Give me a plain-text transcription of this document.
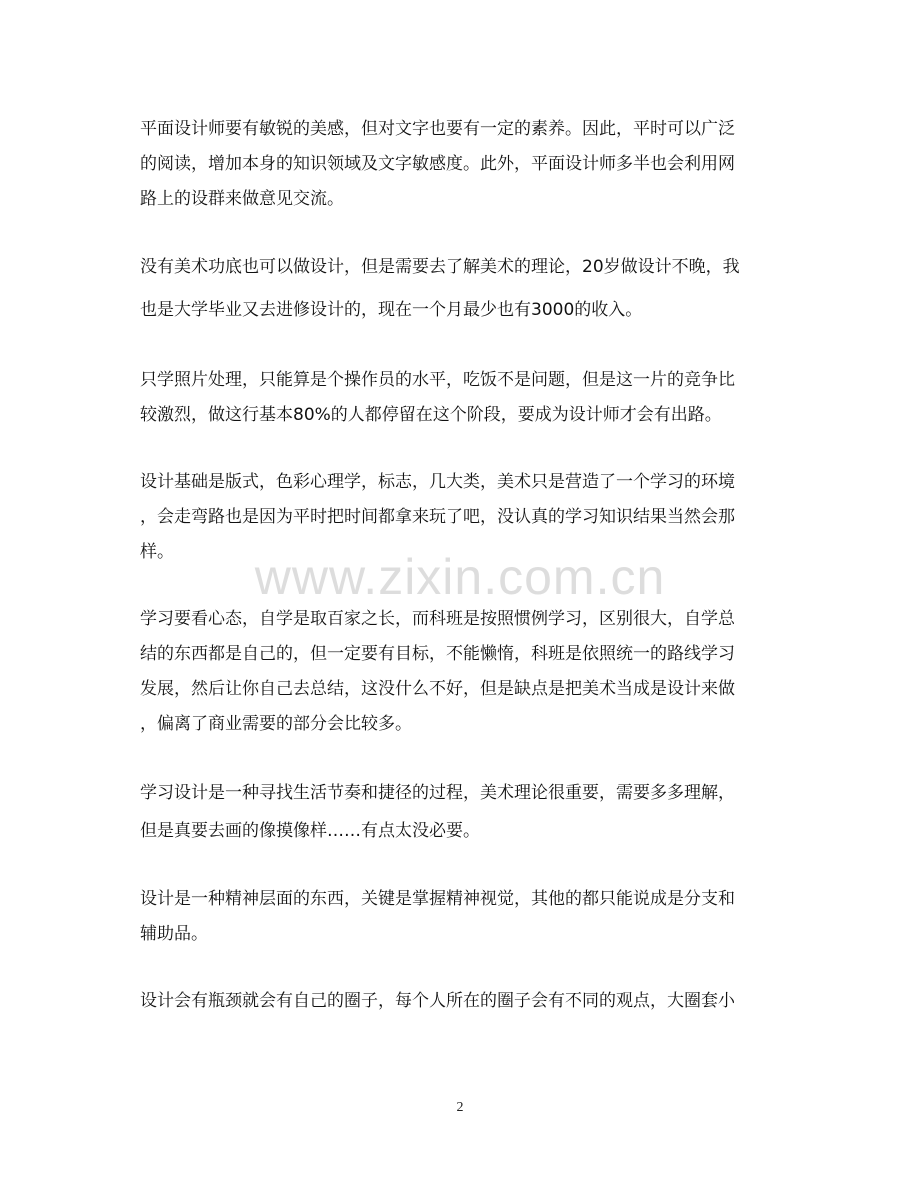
平面设计师要有敏锐的美感，但对文字也要有一定的素养。因此，平时可以广泛
的阅读，增加本身的知识领域及文字敏感度。此外，平面设计师多半也会利用网
路上的设群来做意见交流。

没有美术功底也可以做设计，但是需要去了解美术的理论，20岁做设计不晚，我
也是大学毕业又去进修设计的，现在一个月最少也有3000的收入。

只学照片处理，只能算是个操作员的水平，吃饭不是问题，但是这一片的竞争比
较激烈，做这行基本80%的人都停留在这个阶段，要成为设计师才会有出路。

设计基础是版式，色彩心理学，标志，几大类，美术只是营造了一个学习的环境
，会走弯路也是因为平时把时间都拿来玩了吧，没认真的学习知识结果当然会那
样。

学习要看心态，自学是取百家之长，而科班是按照惯例学习，区别很大，自学总
结的东西都是自己的，但一定要有目标，不能懒惰，科班是依照统一的路线学习
发展，然后让你自己去总结，这没什么不好，但是缺点是把美术当成是设计来做
，偏离了商业需要的部分会比较多。

学习设计是一种寻找生活节奏和捷径的过程，美术理论很重要，需要多多理解，
但是真要去画的像摸像样……有点太没必要。

设计是一种精神层面的东西，关键是掌握精神视觉，其他的都只能说成是分支和
辅助品。

设计会有瓶颈就会有自己的圈子，每个人所在的圈子会有不同的观点，大圈套小

www.zixin.com.cn
2
